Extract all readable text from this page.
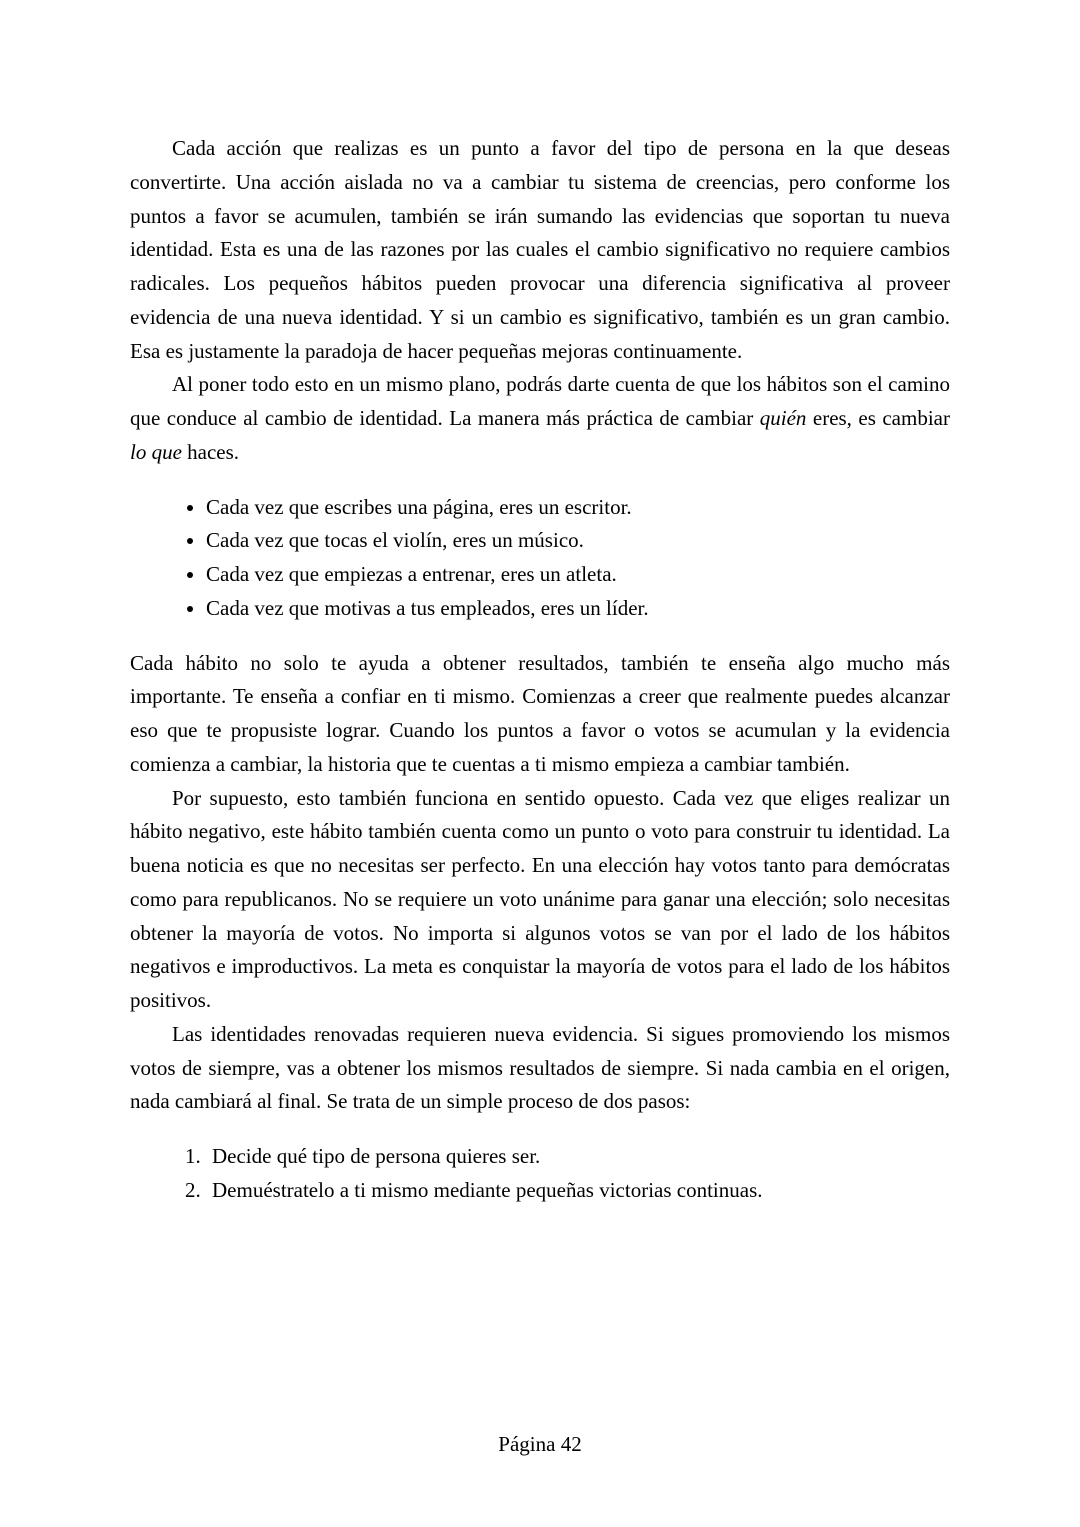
Cada acción que realizas es un punto a favor del tipo de persona en la que deseas convertirte. Una acción aislada no va a cambiar tu sistema de creencias, pero conforme los puntos a favor se acumulen, también se irán sumando las evidencias que soportan tu nueva identidad. Esta es una de las razones por las cuales el cambio significativo no requiere cambios radicales. Los pequeños hábitos pueden provocar una diferencia significativa al proveer evidencia de una nueva identidad. Y si un cambio es significativo, también es un gran cambio. Esa es justamente la paradoja de hacer pequeñas mejoras continuamente.

Al poner todo esto en un mismo plano, podrás darte cuenta de que los hábitos son el camino que conduce al cambio de identidad. La manera más práctica de cambiar quién eres, es cambiar lo que haces.

• Cada vez que escribes una página, eres un escritor.
• Cada vez que tocas el violín, eres un músico.
• Cada vez que empiezas a entrenar, eres un atleta.
• Cada vez que motivas a tus empleados, eres un líder.

Cada hábito no solo te ayuda a obtener resultados, también te enseña algo mucho más importante. Te enseña a confiar en ti mismo. Comienzas a creer que realmente puedes alcanzar eso que te propusiste lograr. Cuando los puntos a favor o votos se acumulan y la evidencia comienza a cambiar, la historia que te cuentas a ti mismo empieza a cambiar también.

Por supuesto, esto también funciona en sentido opuesto. Cada vez que eliges realizar un hábito negativo, este hábito también cuenta como un punto o voto para construir tu identidad. La buena noticia es que no necesitas ser perfecto. En una elección hay votos tanto para demócratas como para republicanos. No se requiere un voto unánime para ganar una elección; solo necesitas obtener la mayoría de votos. No importa si algunos votos se van por el lado de los hábitos negativos e improductivos. La meta es conquistar la mayoría de votos para el lado de los hábitos positivos.

Las identidades renovadas requieren nueva evidencia. Si sigues promoviendo los mismos votos de siempre, vas a obtener los mismos resultados de siempre. Si nada cambia en el origen, nada cambiará al final. Se trata de un simple proceso de dos pasos:

1. Decide qué tipo de persona quieres ser.
2. Demuéstratelo a ti mismo mediante pequeñas victorias continuas.
Página 42
